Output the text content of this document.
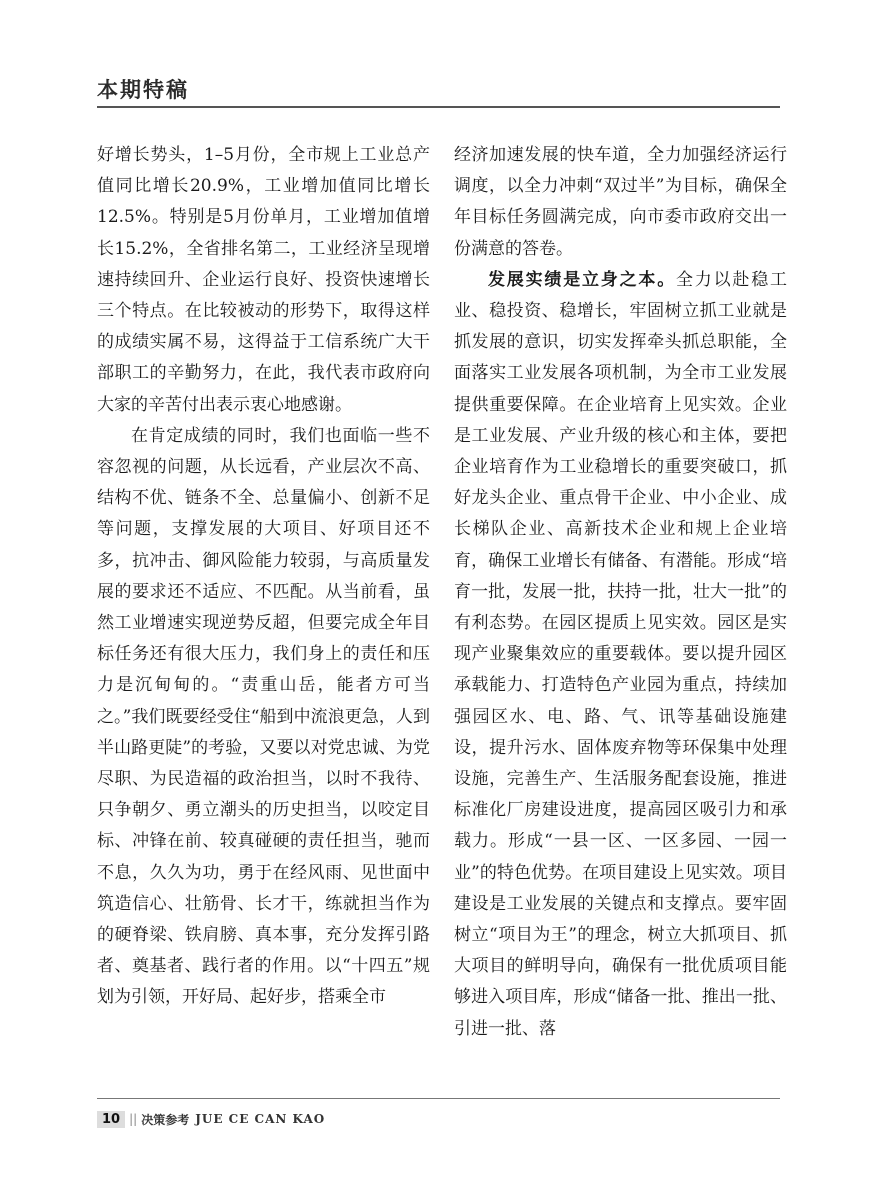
本期特稿

好增长势头，1–5月份，全市规上工业总产值同比增长20.9%，工业增加值同比增长12.5%。特别是5月份单月，工业增加值增长15.2%，全省排名第二，工业经济呈现增速持续回升、企业运行良好、投资快速增长三个特点。在比较被动的形势下，取得这样的成绩实属不易，这得益于工信系统广大干部职工的辛勤努力，在此，我代表市政府向大家的辛苦付出表示衷心地感谢。

在肯定成绩的同时，我们也面临一些不容忽视的问题，从长远看，产业层次不高、结构不优、链条不全、总量偏小、创新不足等问题，支撑发展的大项目、好项目还不多，抗冲击、御风险能力较弱，与高质量发展的要求还不适应、不匹配。从当前看，虽然工业增速实现逆势反超，但要完成全年目标任务还有很大压力，我们身上的责任和压力是沉甸甸的。“责重山岳，能者方可当之。”我们既要经受住“船到中流浪更急，人到半山路更陡”的考验，又要以对党忠诚、为党尽职、为民造福的政治担当，以时不我待、只争朝夕、勇立潮头的历史担当，以咬定目标、冲锋在前、较真碰硬的责任担当，驰而不息，久久为功，勇于在经风雨、见世面中筑造信心、壮筋骨、长才干，练就担当作为的硬脊梁、铁肩膀、真本事，充分发挥引路者、奠基者、践行者的作用。以“十四五”规划为引领，开好局、起好步，搭乘全市

经济加速发展的快车道，全力加强经济运行调度，以全力冲刺“双过半”为目标，确保全年目标任务圆满完成，向市委市政府交出一份满意的答卷。

发展实绩是立身之本。全力以赴稳工业、稳投资、稳增长，牢固树立抓工业就是抓发展的意识，切实发挥牵头抓总职能，全面落实工业发展各项机制，为全市工业发展提供重要保障。在企业培育上见实效。企业是工业发展、产业升级的核心和主体，要把企业培育作为工业稳增长的重要突破口，抓好龙头企业、重点骨干企业、中小企业、成长梯队企业、高新技术企业和规上企业培育，确保工业增长有储备、有潜能。形成“培育一批，发展一批，扶持一批，壮大一批”的有利态势。在园区提质上见实效。园区是实现产业聚集效应的重要载体。要以提升园区承载能力、打造特色产业园为重点，持续加强园区水、电、路、气、讯等基础设施建设，提升污水、固体废弃物等环保集中处理设施，完善生产、生活服务配套设施，推进标准化厂房建设进度，提高园区吸引力和承载力。形成“一县一区、一区多园、一园一业”的特色优势。在项目建设上见实效。项目建设是工业发展的关键点和支撑点。要牢固树立“项目为王”的理念，树立大抓项目、抓大项目的鲜明导向，确保有一批优质项目能够进入项目库，形成“储备一批、推出一批、引进一批、落

10 || 决策参考 JUE CE CAN KAO
